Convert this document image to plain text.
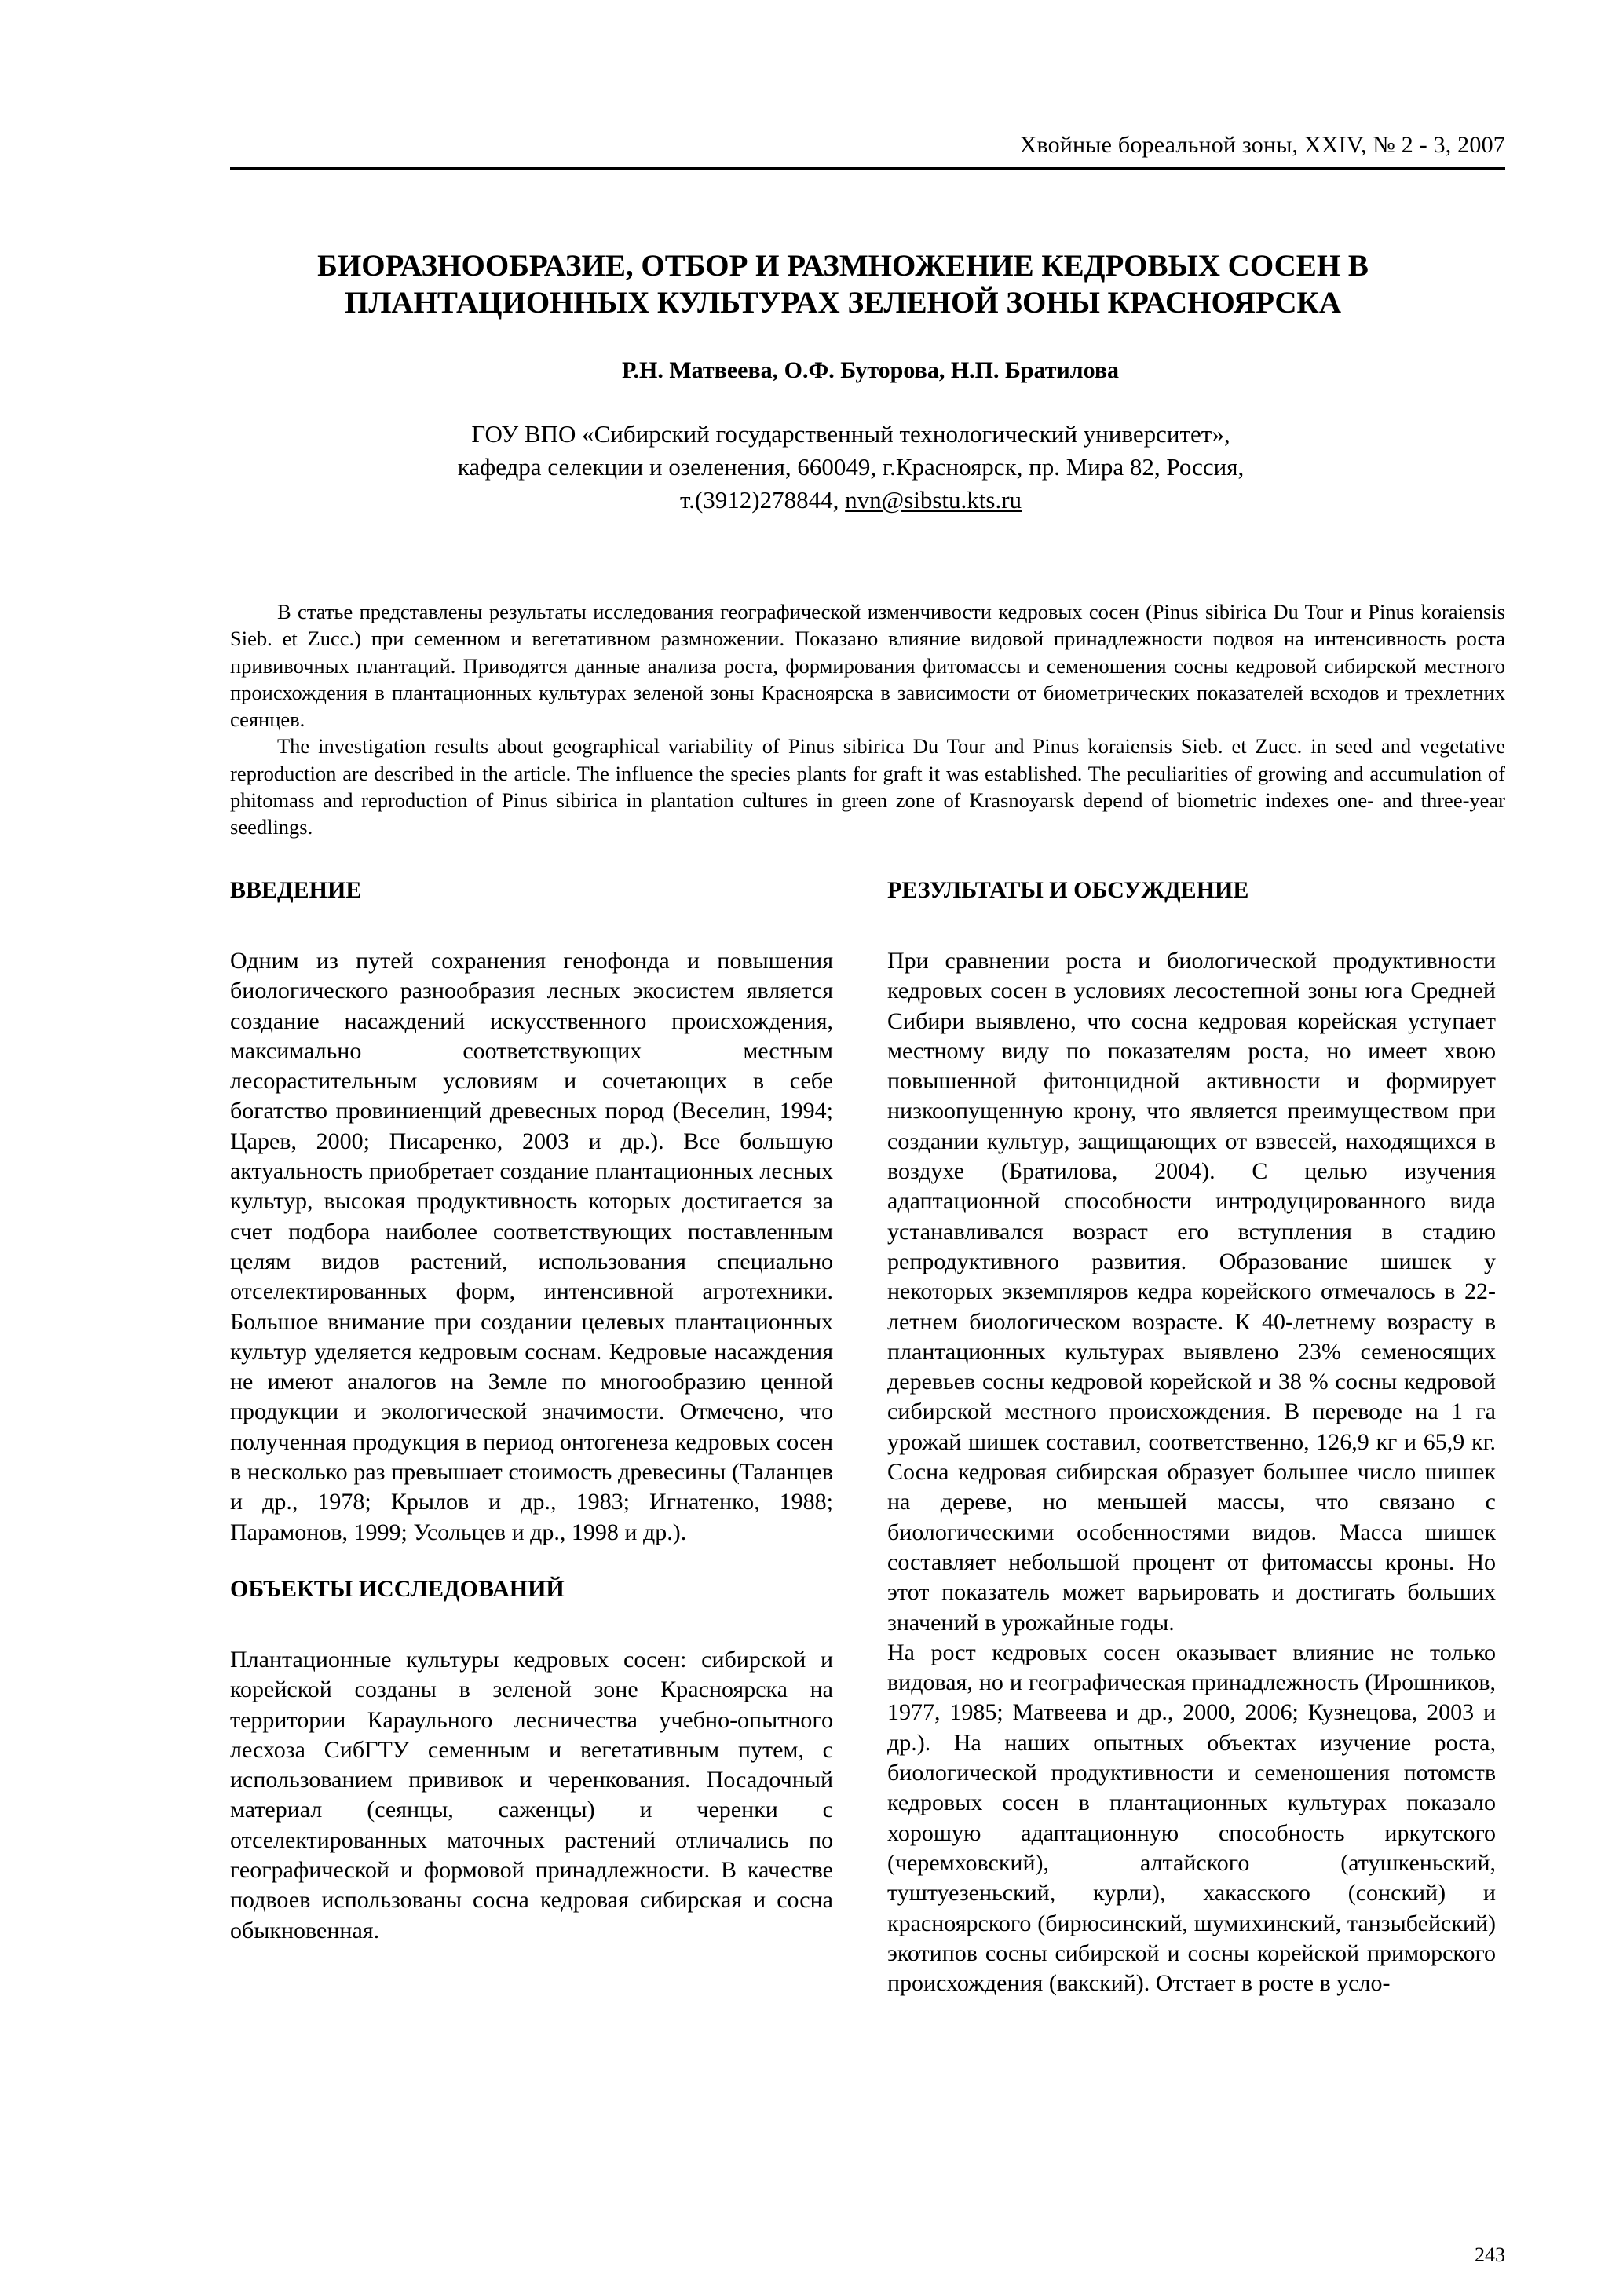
Хвойные бореальной зоны, XXIV, № 2 - 3, 2007
БИОРАЗНООБРАЗИЕ, ОТБОР И РАЗМНОЖЕНИЕ КЕДРОВЫХ СОСЕН В
ПЛАНТАЦИОННЫХ КУЛЬТУРАХ ЗЕЛЕНОЙ ЗОНЫ КРАСНОЯРСКА
Р.Н. Матвеева, О.Ф. Буторова, Н.П. Братилова
ГОУ ВПО «Сибирский государственный технологический университет»,
кафедра селекции и озеленения, 660049, г.Красноярск, пр. Мира 82, Россия,
т.(3912)278844, nvn@sibstu.kts.ru

В статье представлены результаты исследования географической изменчивости кедровых сосен (Pinus sibirica Du Tour и Pinus koraiensis Sieb. et Zucc.) при семенном и вегетативном размножении. Показано влияние видовой принадлежности подвоя на интенсивность роста прививочных плантаций. Приводятся данные анализа роста, формирования фитомассы и семеношения сосны кедровой сибирской местного происхождения в плантационных культурах зеленой зоны Красноярска в зависимости от биометрических показателей всходов и трехлетних сеянцев.

The investigation results about geographical variability of Pinus sibirica Du Tour and Pinus koraiensis Sieb. et Zucc. in seed and vegetative reproduction are described in the article. The influence the species plants for graft it was established. The peculiarities of growing and accumulation of phitomass and reproduction of Pinus sibirica in plantation cultures in green zone of Krasnoyarsk depend of biometric indexes one- and three-year seedlings.

ВВЕДЕНИЕ

Одним из путей сохранения генофонда и повышения биологического разнообразия лесных экосистем является создание насаждений искусственного происхождения, максимально соответствующих местным лесорастительным условиям и сочетающих в себе богатство провиниенций древесных пород (Веселин, 1994; Царев, 2000; Писаренко, 2003 и др.). Все большую актуальность приобретает создание плантационных лесных культур, высокая продуктивность которых достигается за счет подбора наиболее соответствующих поставленным целям видов растений, использования специально отселектированных форм, интенсивной агротехники. Большое внимание при создании целевых плантационных культур уделяется кедровым соснам. Кедровые насаждения не имеют аналогов на Земле по многообразию ценной продукции и экологической значимости. Отмечено, что полученная продукция в период онтогенеза кедровых сосен в несколько раз превышает стоимость древесины (Таланцев и др., 1978; Крылов и др., 1983; Игнатенко, 1988; Парамонов, 1999; Усольцев и др., 1998 и др.).

ОБЪЕКТЫ ИССЛЕДОВАНИЙ

Плантационные культуры кедровых сосен: сибирской и корейской созданы в зеленой зоне Красноярска на территории Караульного лесничества учебно-опытного лесхоза СибГТУ семенным и вегетативным путем, с использованием прививок и черенкования. Посадочный материал (сеянцы, саженцы) и черенки с отселектированных маточных растений отличались по географической и формовой принадлежности. В качестве подвоев использованы сосна кедровая сибирская и сосна обыкновенная.

РЕЗУЛЬТАТЫ И ОБСУЖДЕНИЕ

При сравнении роста и биологической продуктивности кедровых сосен в условиях лесостепной зоны юга Средней Сибири выявлено, что сосна кедровая корейская уступает местному виду по показателям роста, но имеет хвою повышенной фитонцидной активности и формирует низкоопущенную крону, что является преимуществом при создании культур, защищающих от взвесей, находящихся в воздухе (Братилова, 2004). С целью изучения адаптационной способности интродуцированного вида устанавливался возраст его вступления в стадию репродуктивного развития. Образование шишек у некоторых экземпляров кедра корейского отмечалось в 22-летнем биологическом возрасте. К 40-летнему возрасту в плантационных культурах выявлено 23% семеносящих деревьев сосны кедровой корейской и 38 % сосны кедровой сибирской местного происхождения. В переводе на 1 га урожай шишек составил, соответственно, 126,9 кг и 65,9 кг. Сосна кедровая сибирская образует большее число шишек на дереве, но меньшей массы, что связано с биологическими особенностями видов. Масса шишек составляет небольшой процент от фитомассы кроны. Но этот показатель может варьировать и достигать больших значений в урожайные годы.

На рост кедровых сосен оказывает влияние не только видовая, но и географическая принадлежность (Ирошников, 1977, 1985; Матвеева и др., 2000, 2006; Кузнецова, 2003 и др.). На наших опытных объектах изучение роста, биологической продуктивности и семеношения потомств кедровых сосен в плантационных культурах показало хорошую адаптационную способность иркутского (черемховский), алтайского (атушкеньский, туштуезеньский, курли), хакасского (сонский) и красноярского (бирюсинский, шумихинский, танзыбейский) экотипов сосны сибирской и сосны корейской приморского происхождения (вакский). Отстает в росте в усло-

243
